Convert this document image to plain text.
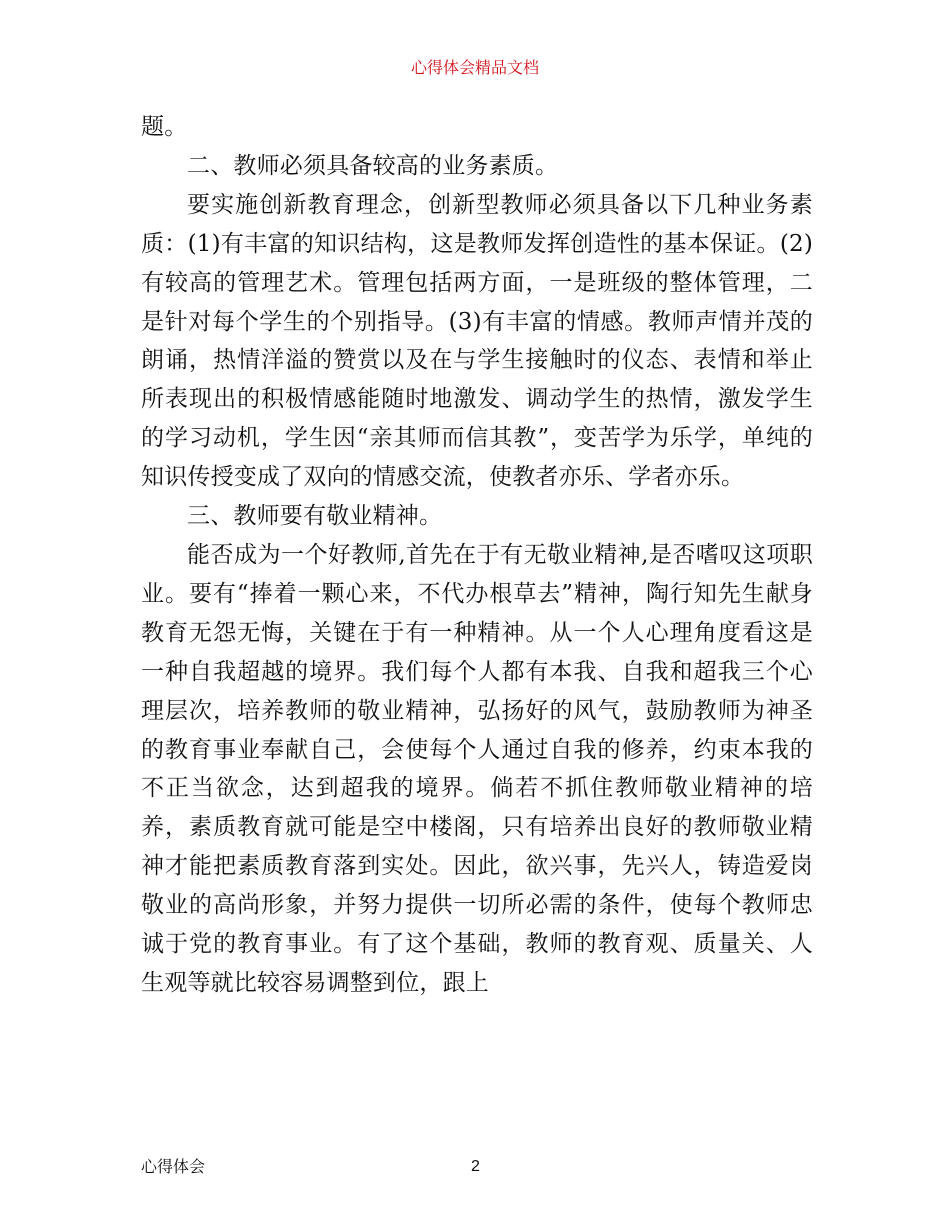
心得体会精品文档

题。

二、教师必须具备较高的业务素质。

要实施创新教育理念，创新型教师必须具备以下几种业务素质：(1)有丰富的知识结构，这是教师发挥创造性的基本保证。(2)有较高的管理艺术。管理包括两方面，一是班级的整体管理，二是针对每个学生的个别指导。(3)有丰富的情感。教师声情并茂的朗诵，热情洋溢的赞赏以及在与学生接触时的仪态、表情和举止所表现出的积极情感能随时地激发、调动学生的热情，激发学生的学习动机，学生因“亲其师而信其教”，变苦学为乐学，单纯的知识传授变成了双向的情感交流，使教者亦乐、学者亦乐。

三、教师要有敬业精神。

能否成为一个好教师,首先在于有无敬业精神,是否嗜叹这项职业。要有“捧着一颗心来，不代办根草去”精神，陶行知先生献身教育无怨无悔，关键在于有一种精神。从一个人心理角度看这是一种自我超越的境界。我们每个人都有本我、自我和超我三个心理层次，培养教师的敬业精神，弘扬好的风气，鼓励教师为神圣的教育事业奉献自己，会使每个人通过自我的修养，约束本我的不正当欲念，达到超我的境界。倘若不抓住教师敬业精神的培养，素质教育就可能是空中楼阁，只有培养出良好的教师敬业精神才能把素质教育落到实处。因此，欲兴事，先兴人，铸造爱岗敬业的高尚形象，并努力提供一切所必需的条件，使每个教师忠诚于党的教育事业。有了这个基础，教师的教育观、质量关、人生观等就比较容易调整到位，跟上

心得体会	2
